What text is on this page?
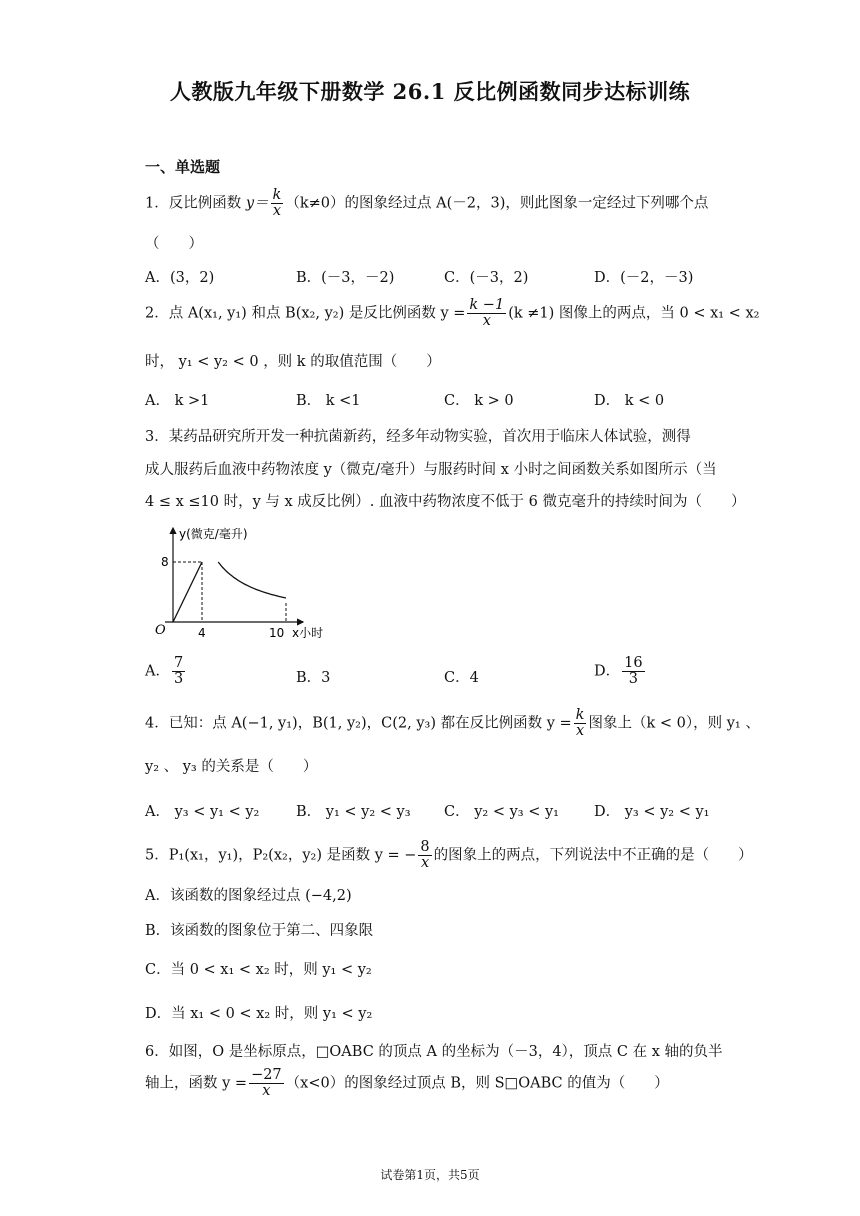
人教版九年级下册数学 26.1 反比例函数同步达标训练
一、单选题
1．反比例函数 $y= \frac{k}{x} (k\ne 0)$的图象经过点 A(－2，3)，则此图象一定经过下列哪个点
（　　）
A．(3，2)	B．(－3，－2)	C．(－3，2)	D．(－2，－3)
2．点 A(x₁, y₁) 和点 B(x₂, y₂) 是反比例函数 $y = \frac{k -1}{x} (k \ne 1)$ 图像上的两点，当 0 < x₁ < x₂
时， y₁ < y₂ < 0 ，则 k 的取值范围（　　）
A． k >1	B． k <1	C． k > 0	D． k < 0
3．某药品研究所开发一种抗菌新药，经多年动物实验，首次用于临床人体试验，测得
成人服药后血液中药物浓度 y（微克/毫升）与服药时间 x 小时之间函数关系如图所示（当
4 ≤ x ≤10 时，y 与 x 成反比例）. 血液中药物浓度不低于 6 微克毫升的持续时间为（　　）
y(微克/毫升)
8
O	4	10 x小时
A． $\frac{7}{3}$	B．3	C．4	D． $\frac{16}{3}$
4．已知：点 A(−1, y₁)，B(1, y₂)，C(2, y₃) 都在反比例函数 $y = \frac{k}{x}$ 图象上（k < 0），则 y₁ 、
y₂ 、 y₃ 的关系是（　　）
A． y₃ < y₁ < y₂	B． y₁ < y₂ < y₃ C． y₂ < y₃ < y₁ D． y₃ < y₂ < y₁
5．P₁(x₁，y₁)，P₂(x₂，y₂) 是函数 y = − $\frac{8}{x}$ 的图象上的两点，下列说法中不正确的是（　　）
A．该函数的图象经过点 (−4,2)
B．该函数的图象位于第二、四象限
C．当 0 < x₁ < x₂ 时，则 y₁ < y₂
D．当 x₁ < 0 < x₂ 时，则 y₁ < y₂
6．如图，O 是坐标原点，□OABC 的顶点 A 的坐标为（－3，4），顶点 C 在 x 轴的负半
轴上，函数 $y = \frac{-27}{x} (x<0)$的图象经过顶点 B，则 S□OABC 的值为（　　）
试卷第1页，共5页
